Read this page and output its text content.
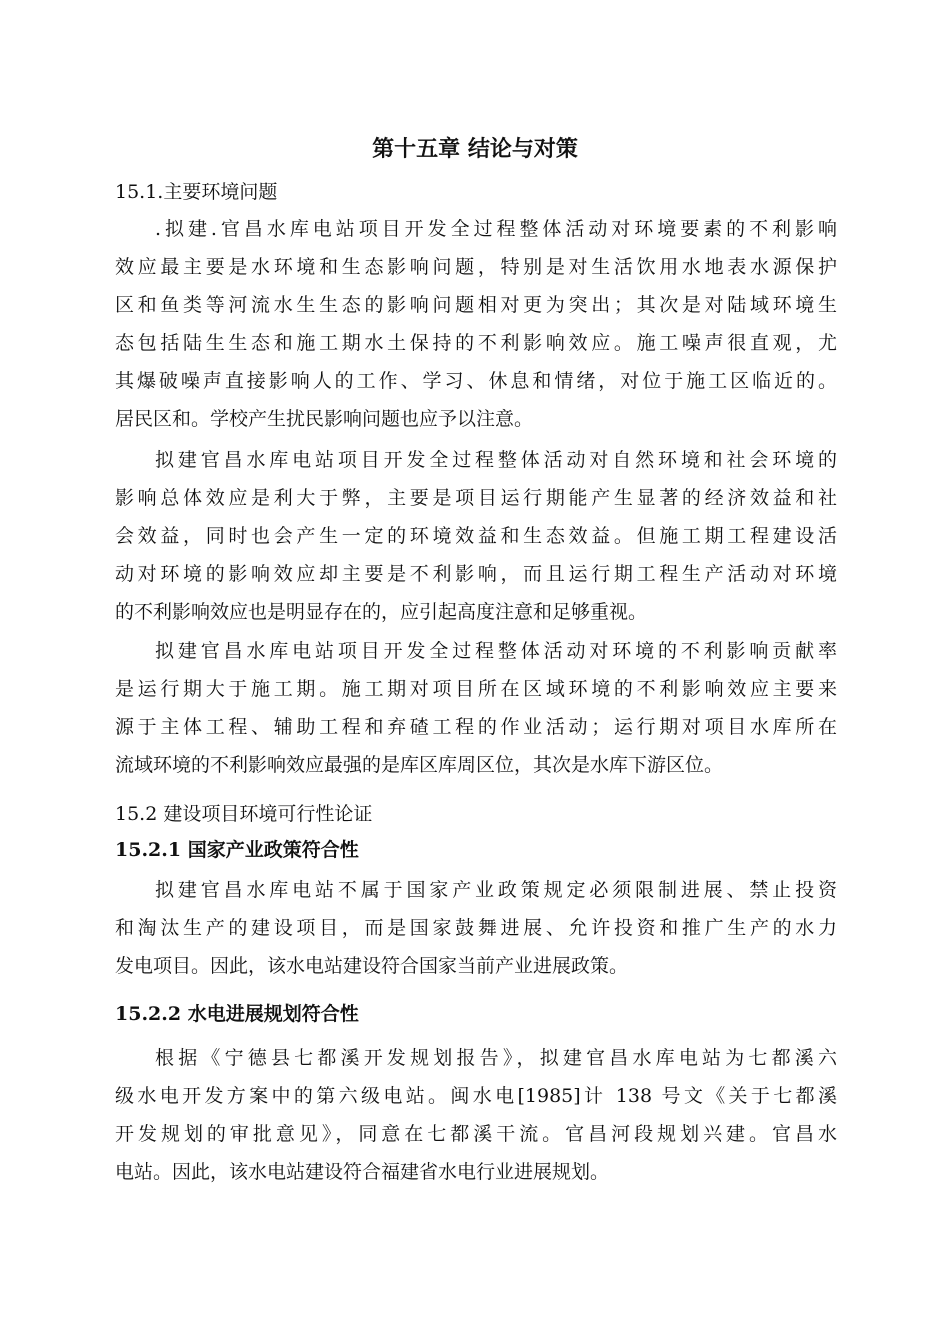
第十五章 结论与对策
15.1.主要环境问题
.拟建.官昌水库电站项目开发全过程整体活动对环境要素的不利影响
效应最主要是水环境和生态影响问题，特别是对生活饮用水地表水源保护
区和鱼类等河流水生生态的影响问题相对更为突出；其次是对陆域环境生
态包括陆生生态和施工期水土保持的不利影响效应。施工噪声很直观，尤
其爆破噪声直接影响人的工作、学习、休息和情绪，对位于施工区临近的。
居民区和。学校产生扰民影响问题也应予以注意。
拟建官昌水库电站项目开发全过程整体活动对自然环境和社会环境的
影响总体效应是利大于弊，主要是项目运行期能产生显著的经济效益和社
会效益，同时也会产生一定的环境效益和生态效益。但施工期工程建设活
动对环境的影响效应却主要是不利影响，而且运行期工程生产活动对环境
的不利影响效应也是明显存在的，应引起高度注意和足够重视。
拟建官昌水库电站项目开发全过程整体活动对环境的不利影响贡献率
是运行期大于施工期。施工期对项目所在区域环境的不利影响效应主要来
源于主体工程、辅助工程和弃碴工程的作业活动；运行期对项目水库所在
流域环境的不利影响效应最强的是库区库周区位，其次是水库下游区位。
15.2 建设项目环境可行性论证
15.2.1 国家产业政策符合性
拟建官昌水库电站不属于国家产业政策规定必须限制进展、禁止投资
和淘汰生产的建设项目，而是国家鼓舞进展、允许投资和推广生产的水力
发电项目。因此，该水电站建设符合国家当前产业进展政策。
15.2.2 水电进展规划符合性
根据《宁德县七都溪开发规划报告》，拟建官昌水库电站为七都溪六
级水电开发方案中的第六级电站。闽水电[1985]计 138 号文《关于七都溪
开发规划的审批意见》，同意在七都溪干流。官昌河段规划兴建。官昌水
电站。因此，该水电站建设符合福建省水电行业进展规划。
